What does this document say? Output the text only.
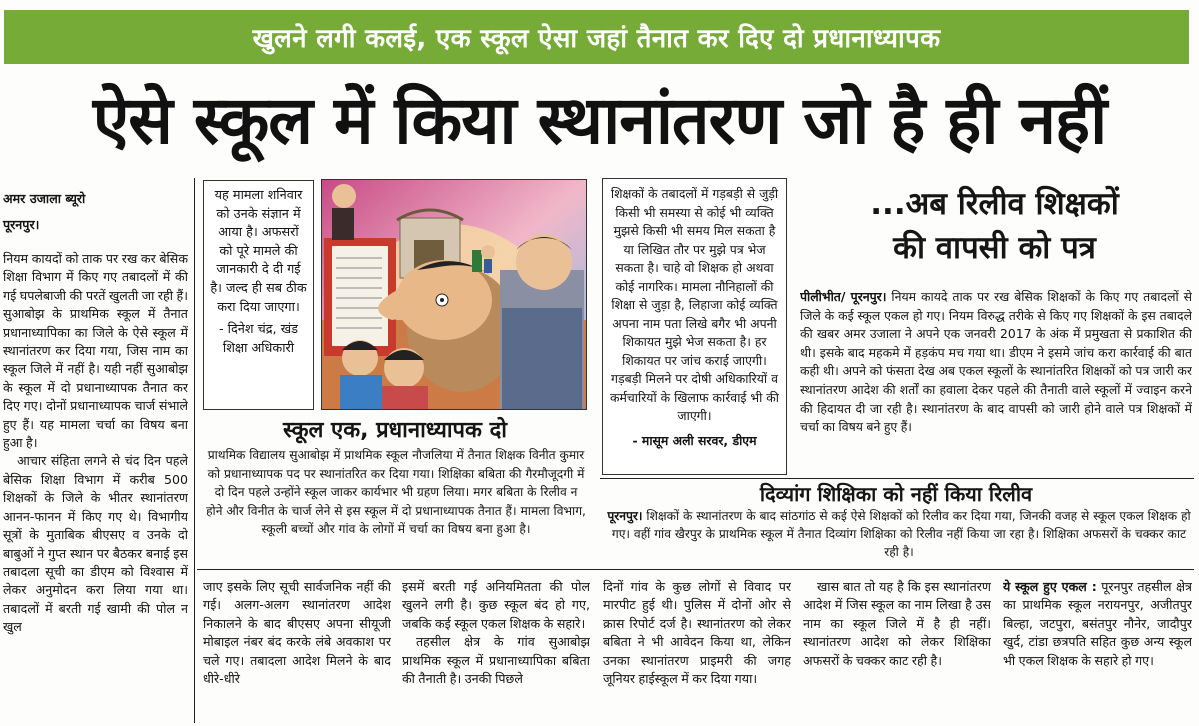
खुलने लगी कलई, एक स्कूल ऐसा जहां तैनात कर दिए दो प्रधानाध्यापक
ऐसे स्कूल में किया स्थानांतरण जो है ही नहीं
अमर उजाला ब्यूरो
पूरनपुर।

नियम कायदों को ताक पर रख कर बेसिक शिक्षा विभाग में किए गए तबादलों में की गई घपलेबाजी की परतें खुलती जा रही हैं। सुआबोझ के प्राथमिक स्कूल में तैनात प्रधानाध्यापिका का जिले के ऐसे स्कूल में स्थानांतरण कर दिया गया, जिस नाम का स्कूल जिले में नहीं है। यही नहीं सुआबोझ के स्कूल में दो प्रधानाध्यापक तैनात कर दिए गए। दोनों प्रधानाध्यापक चार्ज संभाले हुए हैं। यह मामला चर्चा का विषय बना हुआ है।

आचार संहिता लगने से चंद दिन पहले बेसिक शिक्षा विभाग में करीब 500 शिक्षकों के जिले के भीतर स्थानांतरण आनन-फानन में किए गए थे। विभागीय सूत्रों के मुताबिक बीएसए व उनके दो बाबुओं ने गुप्त स्थान पर बैठकर बनाई इस तबादला सूची का डीएम को विश्वास में लेकर अनुमोदन करा लिया गया था। तबादलों में बरती गई खामी की पोल न खुल

यह मामला शनिवार को उनके संज्ञान में आया है। अफसरों को पूरे मामले की जानकारी दे दी गई है। जल्द ही सब ठीक करा दिया जाएगा।
- दिनेश चंद्र, खंड शिक्षा अधिकारी
स्कूल एक, प्रधानाध्यापक दो
प्राथमिक विद्यालय सुआबोझ में प्राथमिक स्कूल नौजलिया में तैनात शिक्षक विनीत कुमार को प्रधानाध्यापक पद पर स्थानांतरित कर दिया गया। शिक्षिका बबिता की गैरमौजूदगी में दो दिन पहले उन्होंने स्कूल जाकर कार्यभार भी ग्रहण लिया। मगर बबिता के रिलीव न होने और विनीत के चार्ज लेने से इस स्कूल में दो प्रधानाध्यापक तैनात हैं। मामला विभाग, स्कूली बच्चों और गांव के लोगों में चर्चा का विषय बना हुआ है।
शिक्षकों के तबादलों में गड़बड़ी से जुड़ी किसी भी समस्या से कोई भी व्यक्ति मुझसे किसी भी समय मिल सकता है या लिखित तौर पर मुझे पत्र भेज सकता है। चाहे वो शिक्षक हो अथवा कोई नागरिक। मामला नौनिहालों की शिक्षा से जुड़ा है, लिहाजा कोई व्यक्ति अपना नाम पता लिखे बगैर भी अपनी शिकायत मुझे भेज सकता है। हर शिकायत पर जांच कराई जाएगी। गड़बड़ी मिलने पर दोषी अधिकारियों व कर्मचारियों के खिलाफ कार्रवाई भी की जाएगी।
- मासूम अली सरवर, डीएम
...अब रिलीव शिक्षकों
की वापसी को पत्र
पीलीभीत/ पूरनपुर। नियम कायदे ताक पर रख बेसिक शिक्षकों के किए गए तबादलों से जिले के कई स्कूल एकल हो गए। नियम विरुद्ध तरीके से किए गए शिक्षकों के इस तबादले की खबर अमर उजाला ने अपने एक जनवरी 2017 के अंक में प्रमुखता से प्रकाशित की थी। इसके बाद महकमे में हड़कंप मच गया था। डीएम ने इसमे जांच करा कार्रवाई की बात कही थी। अपने को फंसता देख अब एकल स्कूलों के स्थानांतरित शिक्षकों को पत्र जारी कर स्थानांतरण आदेश की शर्तों का हवाला देकर पहले की तैनाती वाले स्कूलों में ज्वाइन करने की हिदायत दी जा रही है। स्थानांतरण के बाद वापसी को जारी होने वाले पत्र शिक्षकों में चर्चा का विषय बने हुए हैं।
दिव्यांग शिक्षिका को नहीं किया रिलीव
पूरनपुर। शिक्षकों के स्थानांतरण के बाद सांठगांठ से कई ऐसे शिक्षकों को रिलीव कर दिया गया, जिनकी वजह से स्कूल एकल शिक्षक हो गए। वहीं गांव खैरपुर के प्राथमिक स्कूल में तैनात दिव्यांग शिक्षिका को रिलीव नहीं किया जा रहा है। शिक्षिका अफसरों के चक्कर काट रही है।

जाए इसके लिए सूची सार्वजनिक नहीं की गई। अलग-अलग स्थानांतरण आदेश निकालने के बाद बीएसए अपना सीयूजी मोबाइल नंबर बंद करके लंबे अवकाश पर चले गए। तबादला आदेश मिलने के बाद धीरे-धीरे

इसमें बरती गई अनियमितता की पोल खुलने लगी है। कुछ स्कूल बंद हो गए, जबकि कई स्कूल एकल शिक्षक के सहारे।

तहसील क्षेत्र के गांव सुआबोझ प्राथमिक स्कूल में प्रधानाध्यापिका बबिता की तैनाती है। उनकी पिछले

दिनों गांव के कुछ लोगों से विवाद पर मारपीट हुई थी। पुलिस में दोनों ओर से क्रास रिपोर्ट दर्ज है। स्थानांतरण को लेकर बबिता ने भी आवेदन किया था, लेकिन उनका स्थानांतरण प्राइमरी की जगह जूनियर हाईस्कूल में कर दिया गया।

खास बात तो यह है कि इस स्थानांतरण आदेश में जिस स्कूल का नाम लिखा है उस नाम का स्कूल जिले में है ही नहीं। स्थानांतरण आदेश को लेकर शिक्षिका अफसरों के चक्कर काट रही है।

ये स्कूल हुए एकल : पूरनपुर तहसील क्षेत्र का प्राथमिक स्कूल नरायनपुर, अजीतपुर बिल्हा, जटपुरा, बसंतपुर नौनेर, जादौपुर खुर्द, टांडा छत्रपति सहित कुछ अन्य स्कूल भी एकल शिक्षक के सहारे हो गए।
